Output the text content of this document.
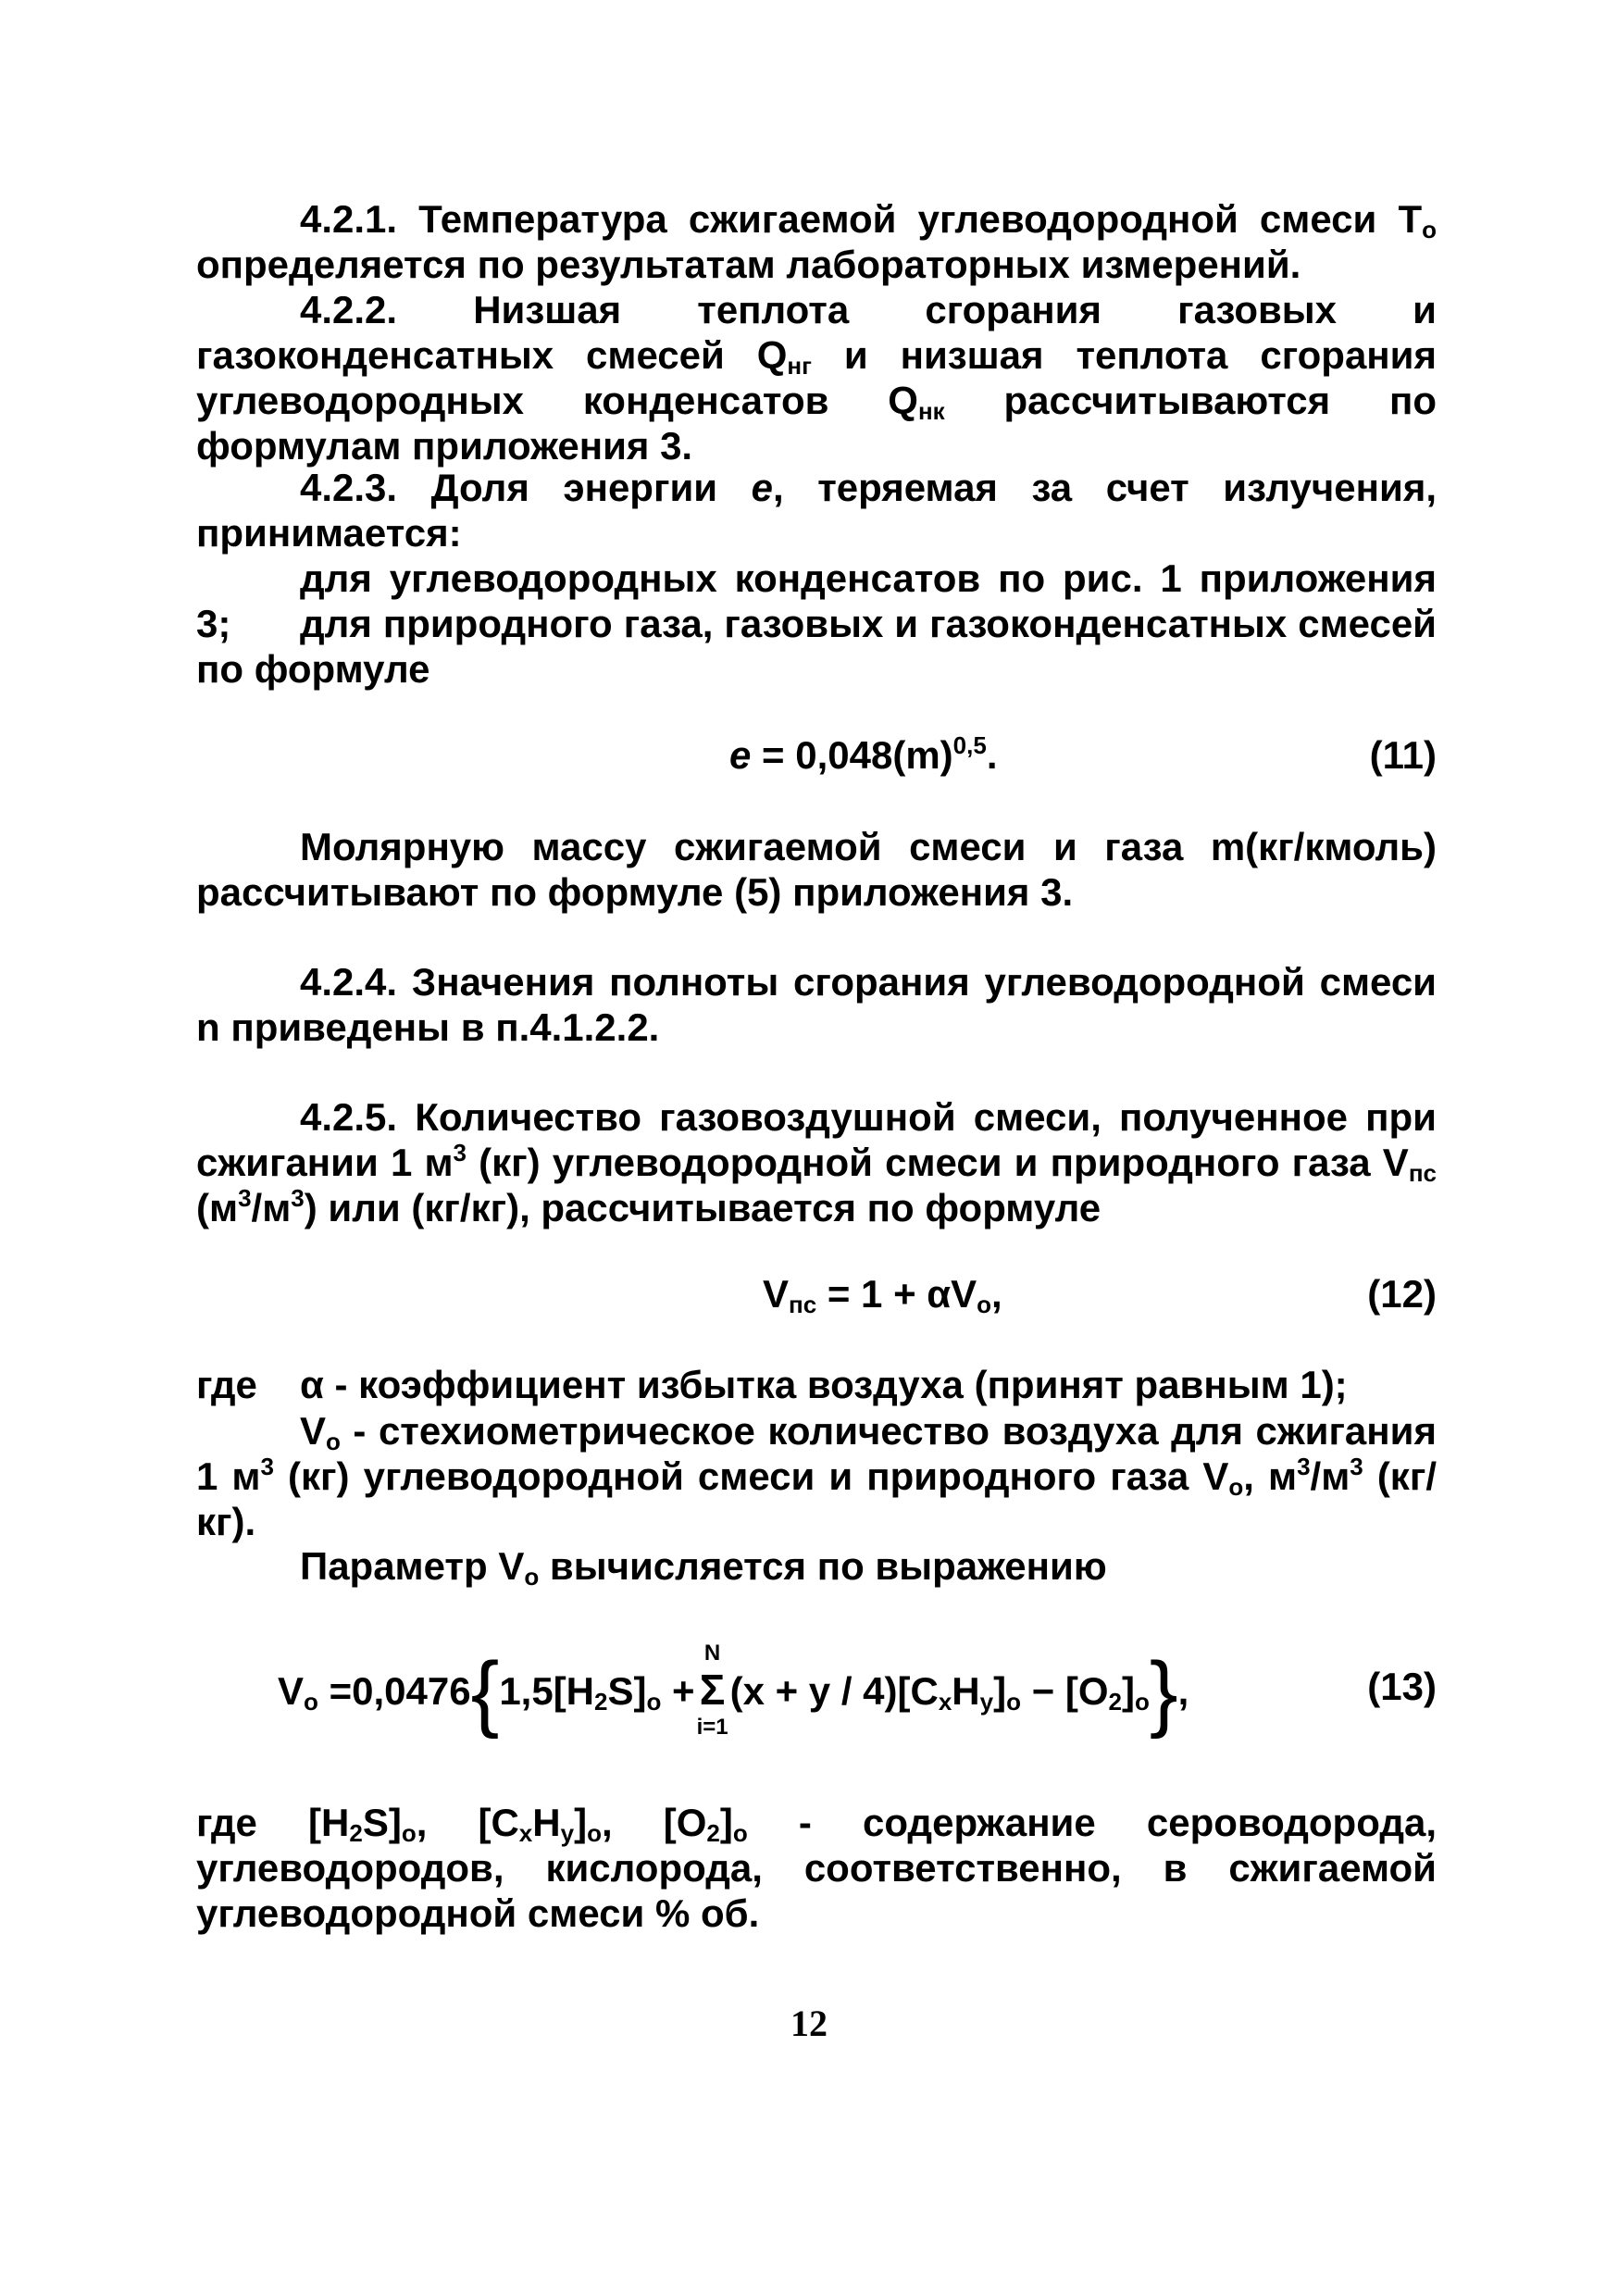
4.2.1. Температура сжигаемой углеводородной смеси $T_o$ определяется по результатам лабораторных измерений.

4.2.2. Низшая теплота сгорания газовых и газоконденсатных смесей $Q_{нг}$ и низшая теплота сгорания углеводородных конденсатов $Q_{нк}$ рассчитываются по формулам приложения 3.

4.2.3. Доля энергии e, теряемая за счет излучения, принимается:

для углеводородных конденсатов по рис. 1 приложения 3;	для природного газа, газовых и газоконденсатных смесей по формуле

$e = 0,048(m)^{0,5}$.	(11)

Молярную массу сжигаемой смеси и газа m(кг/кмоль) рассчитывают по формуле (5) приложения 3.

4.2.4. Значения полноты сгорания углеводородной смеси n приведены в п.4.1.2.2.

4.2.5. Количество газовоздушной смеси, полученное при сжигании 1 $м^3$ (кг) углеводородной смеси и природного газа $V_{пс}$ $(м^3/м^3)$ или (кг/кг), рассчитывается по формуле

$V_{пс} = 1 + \alpha V_o$,	(12)
где α - коэффициент избытка воздуха (принят равным 1);

$V_o$ - стехиометрическое количество воздуха для сжигания 1 $м^3$ (кг) углеводородной смеси и природного газа $V_o$, $м^3/м^3$ (кг/кг).

Параметр $V_o$ вычисляется по выражению
$V_o =0,0476\{1,5[H_2S]_o$ +
N
Σ
i=1
$(x + y / 4)[C_xH_y]_o - [O_2]_o$},	(13)

где $[H_2S]_o$, $[C_xH_y]_o$, $[O_2]_o$ - содержание сероводорода, углеводородов, кислорода, соответственно, в сжигаемой углеводородной смеси % об.

12
